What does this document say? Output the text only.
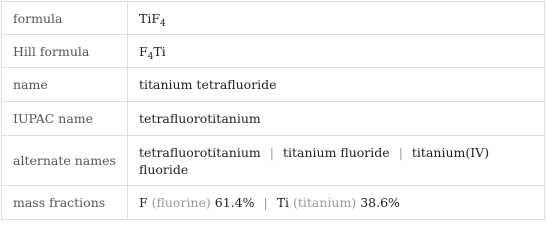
formula	TiF$_4$
Hill formula	$F_4Ti$
name	titanium tetrafluoride
IUPAC name	tetrafluorotitanium
alternate names	tetrafluorotitanium | titanium fluoride | titanium(IV)
fluoride
mass fractions	F (fluorine) 61.4% | Ti (titanium) 38.6%
